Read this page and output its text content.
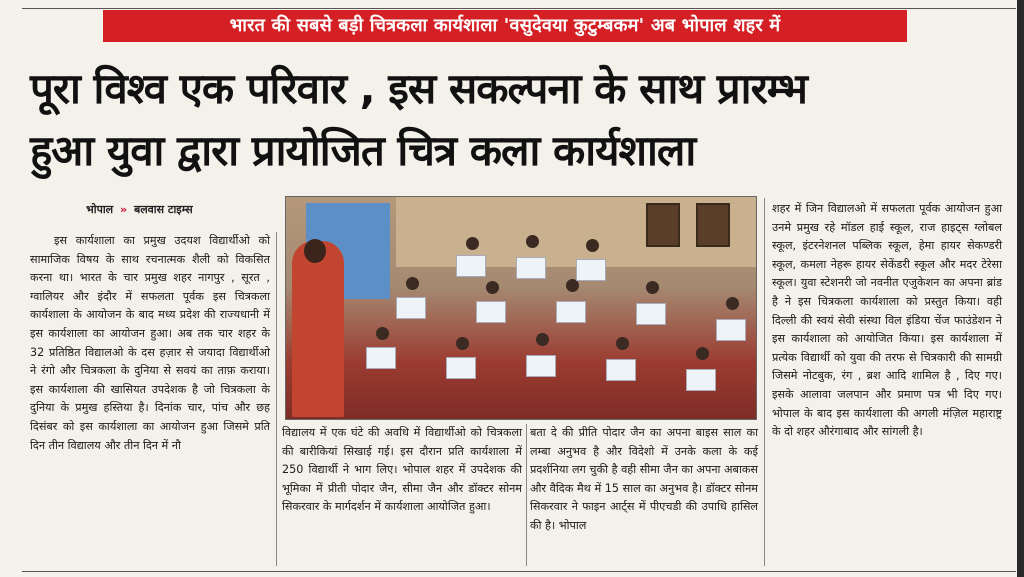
भारत की सबसे बड़ी चित्रकला कार्यशाला 'वसुदेवया कुटुम्बकम' अब भोपाल शहर में
पूरा विश्व एक परिवार , इस सकल्पना के साथ प्रारम्भ
हुआ युवा द्वारा प्रायोजित चित्र कला कार्यशाला
भोपाल » बलवास टाइम्स

इस कार्यशाला का प्रमुख उदयश विद्यार्थीओ को सामाजिक विषय के साथ रचनात्मक शैली को विकसित करना था। भारत के चार प्रमुख शहर नागपुर , सूरत , ग्वालियर और इंदौर में सफलता पूर्वक इस चित्रकला कार्यशाला के आयोजन के बाद मध्य प्रदेश की राज्यधानी में इस कार्यशाला का आयोजन हुआ। अब तक चार शहर के 32 प्रतिष्ठित विद्यालओ के दस हज़ार से जयादा विद्यार्थीओ ने रंगो और चित्रकला के दुनिया से सवयं का ताफ़ कराया। इस कार्यशाला की खासियत उपदेशक है जो चित्रकला के दुनिया के प्रमुख हस्तिया है। दिनांक चार, पांच और छह दिसंबर को इस कार्यशाला का आयोजन हुआ जिसमे प्रति दिन तीन विद्यालय और तीन दिन में नौ

विद्यालय में एक घंटे की अवधि में विद्यार्थीओ को चित्रकला की बारीकियां सिखाई गई। इस दौरान प्रति कार्यशाला में 250 विद्यार्थी ने भाग लिए। भोपाल शहर में उपदेशक की भूमिका में प्रीती पोदार जैन, सीमा जैन और डॉक्टर सोनम सिकरवार के मार्गदर्शन में कार्यशाला आयोजित हुआ।

बता दे की प्रीति पोदार जैन का अपना बाइस साल का लम्बा अनुभव है और विदेशो में उनके कला के कई प्रदर्शनिया लग चुकी है वही सीमा जैन का अपना अबाकस और वैदिक मैथ में 15 साल का अनुभव है। डॉक्टर सोनम सिकरवार ने फाइन आर्ट्स में पीएचडी की उपाधि हासिल की है। भोपाल

शहर में जिन विद्यालओ में सफलता पूर्वक आयोजन हुआ उनमे प्रमुख रहे मॉडल हाई स्कूल, राज हाइट्स ग्लोबल स्कूल, इंटरनेशनल पब्लिक स्कूल, हेमा हायर सेकण्डरी स्कूल, कमला नेहरू हायर सेकेंडरी स्कूल और मदर टेरेसा स्कूल। युवा स्टेशनरी जो नवनीत एजुकेशन का अपना ब्रांड है ने इस चित्रकला कार्यशाला को प्रस्तुत किया। वही दिल्ली की स्वयं सेवी संस्था विल इंडिया चेंज फाउंडेशन ने इस कार्यशाला को आयोजित किया। इस कार्यशाला में प्रत्येक विद्यार्थी को युवा की तरफ से चित्रकारी की सामग्री जिसमे नोटबुक, रंग , ब्रश आदि शामिल है , दिए गए। इसके आलावा जलपान और प्रमाण पत्र भी दिए गए। भोपाल के बाद इस कार्यशाला की अगली मंज़िल महाराष्ट्र के दो शहर औरंगाबाद और सांगली है।
